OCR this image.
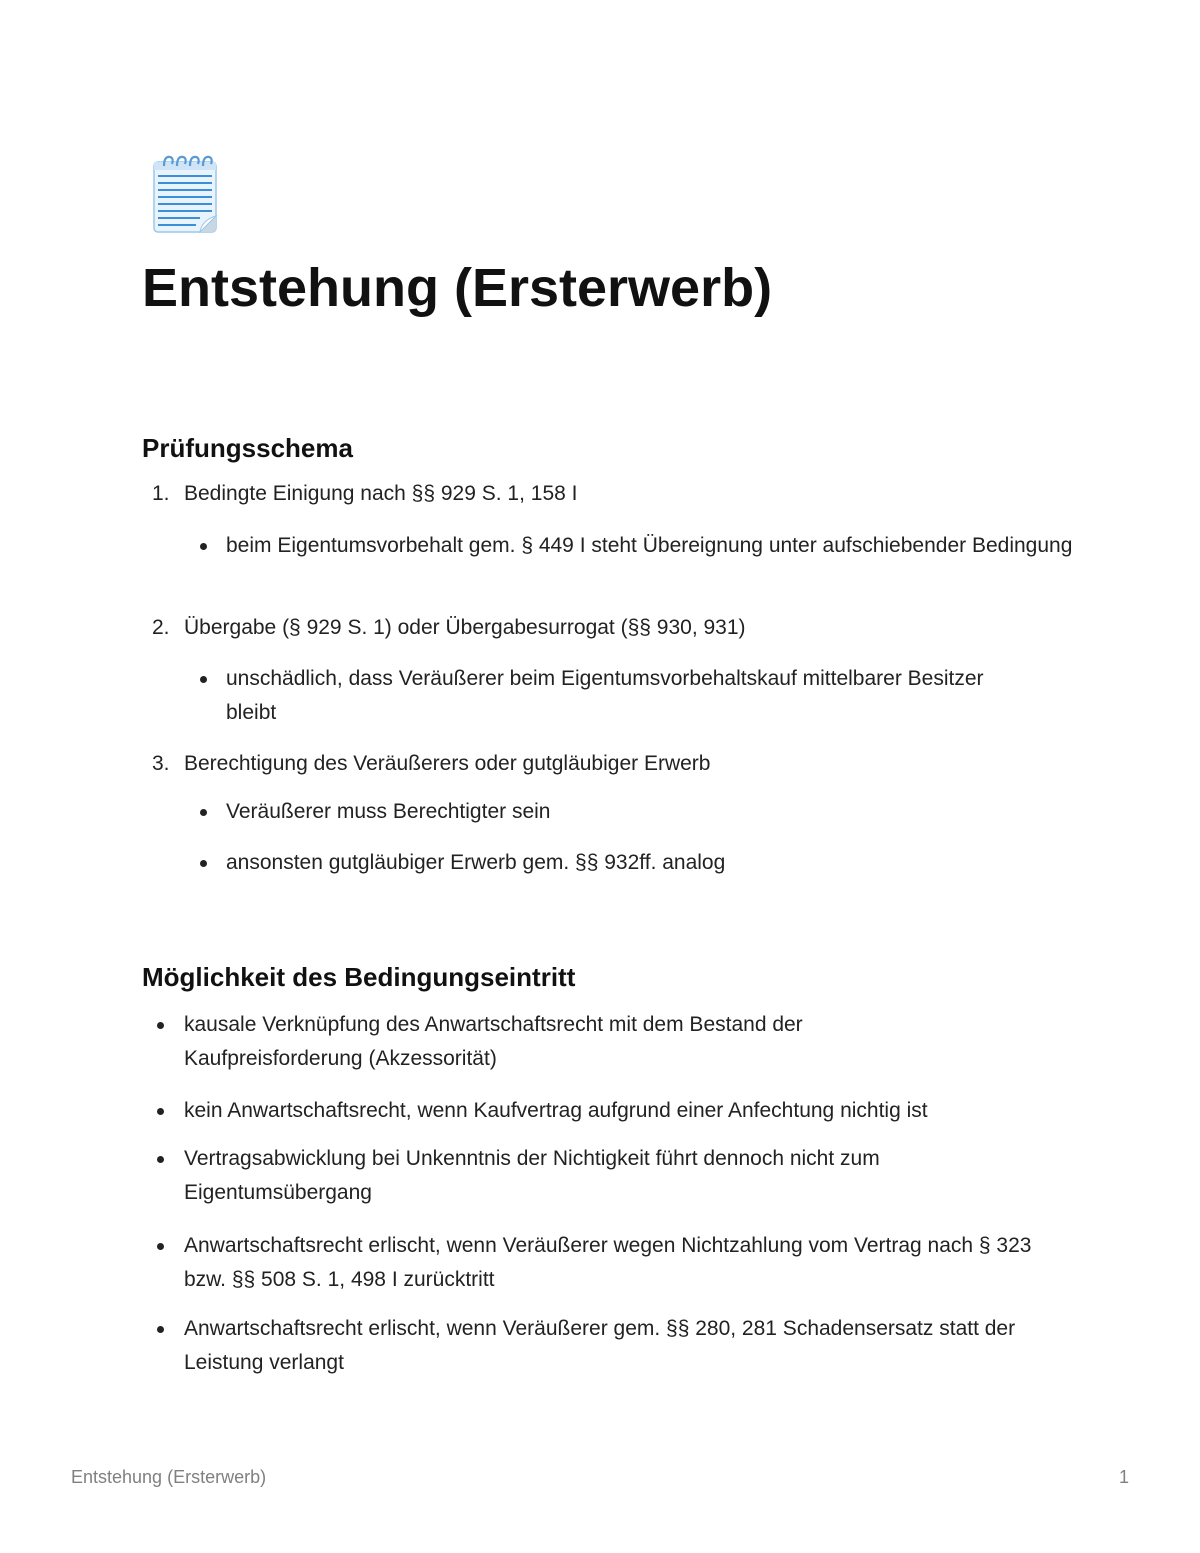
Entstehung (Ersterwerb)
Prüfungsschema
1. Bedingte Einigung nach §§ 929 S. 1, 158 I

beim Eigentumsvorbehalt gem. § 449 I steht Übereignung unter aufschiebender Bedingung

2. Übergabe (§ 929 S. 1) oder Übergabesurrogat (§§ 930, 931)

unschädlich, dass Veräußerer beim Eigentumsvorbehaltskauf mittelbarer Besitzer bleibt

3. Berechtigung des Veräußerers oder gutgläubiger Erwerb

Veräußerer muss Berechtigter sein

ansonsten gutgläubiger Erwerb gem. §§ 932ff. analog

Möglichkeit des Bedingungseintritt

kausale Verknüpfung des Anwartschaftsrecht mit dem Bestand der Kaufpreisforderung (Akzessorität)

kein Anwartschaftsrecht, wenn Kaufvertrag aufgrund einer Anfechtung nichtig ist

Vertragsabwicklung bei Unkenntnis der Nichtigkeit führt dennoch nicht zum Eigentumsübergang

Anwartschaftsrecht erlischt, wenn Veräußerer wegen Nichtzahlung vom Vertrag nach § 323 bzw. §§ 508 S. 1, 498 I zurücktritt

Anwartschaftsrecht erlischt, wenn Veräußerer gem. §§ 280, 281 Schadensersatz statt der Leistung verlangt

Entstehung (Ersterwerb)	1
